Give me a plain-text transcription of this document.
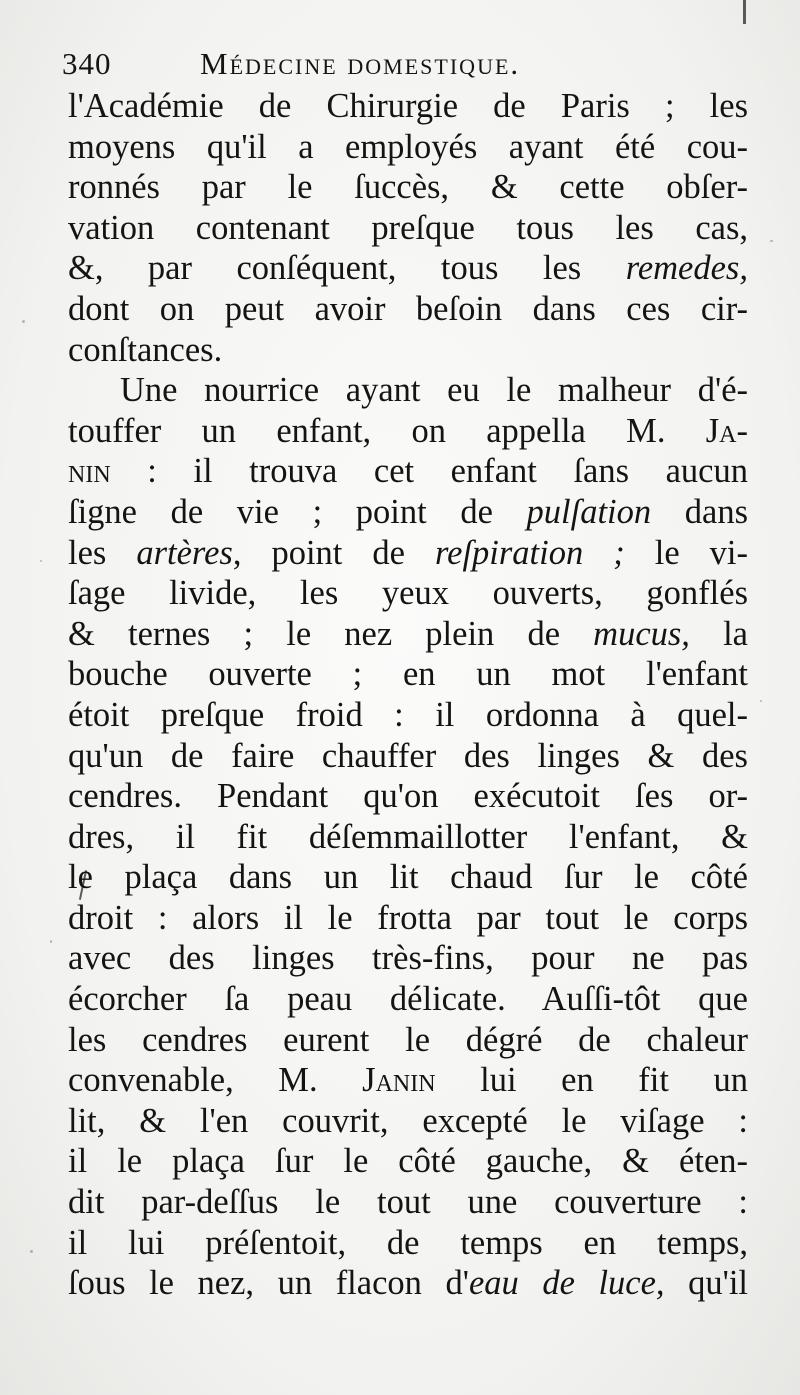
340	Médecine domestique.
l'Académie de Chirurgie de Paris ; les
moyens qu'il a employés ayant été cou-
ronnés par le ſuccès, & cette obſer-
vation contenant preſque tous les cas,
&, par conſéquent, tous les remedes,
dont on peut avoir beſoin dans ces cir-
conſtances.
Une nourrice ayant eu le malheur d'é-
touffer un enfant, on appella M. Ja-
nin : il trouva cet enfant ſans aucun
ſigne de vie ; point de pulſation dans
les artères, point de reſpiration ; le vi-
ſage livide, les yeux ouverts, gonflés
& ternes ; le nez plein de mucus, la
bouche ouverte ; en un mot l'enfant
étoit preſque froid : il ordonna à quel-
qu'un de faire chauffer des linges & des
cendres. Pendant qu'on exécutoit ſes or-
dres, il fit déſemmaillotter l'enfant, &
le plaça dans un lit chaud ſur le côté
droit : alors il le frotta par tout le corps
avec des linges très-fins, pour ne pas
écorcher ſa peau délicate. Auſſi-tôt que
les cendres eurent le dégré de chaleur
convenable, M. Janin lui en fit un
lit, & l'en couvrit, excepté le viſage :
il le plaça ſur le côté gauche, & éten-
dit par-deſſus le tout une couverture :
il lui préſentoit, de temps en temps,
ſous le nez, un flacon d'eau de luce, qu'il
